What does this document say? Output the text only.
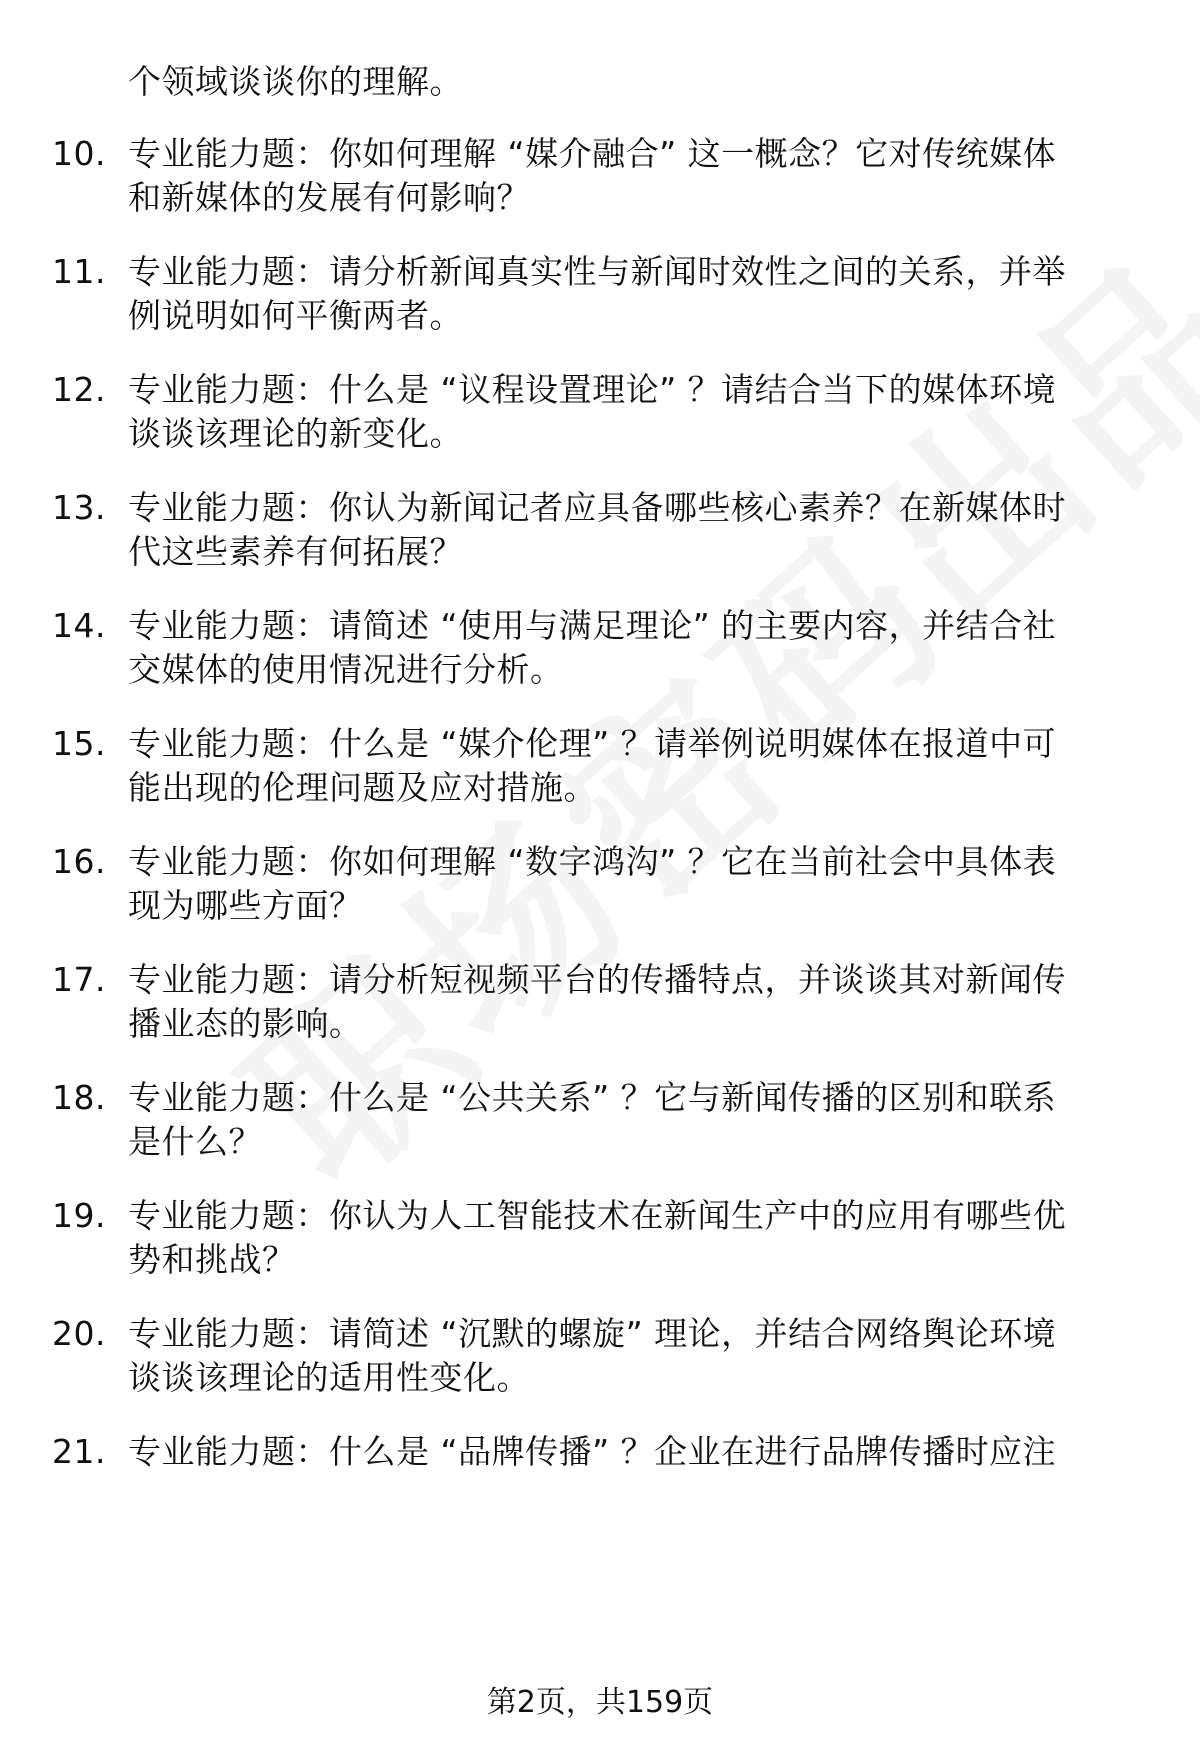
个领域谈谈你的理解。
10. 专业能力题：你如何理解 “媒介融合” 这一概念？它对传统媒体
和新媒体的发展有何影响？
11. 专业能力题：请分析新闻真实性与新闻时效性之间的关系，并举
例说明如何平衡两者。
12. 专业能力题：什么是 “议程设置理论” ？请结合当下的媒体环境
谈谈该理论的新变化。
13. 专业能力题：你认为新闻记者应具备哪些核心素养？在新媒体时
代这些素养有何拓展？
14. 专业能力题：请简述 “使用与满足理论” 的主要内容，并结合社
交媒体的使用情况进行分析。
15. 专业能力题：什么是 “媒介伦理” ？请举例说明媒体在报道中可
能出现的伦理问题及应对措施。
16. 专业能力题：你如何理解 “数字鸿沟” ？它在当前社会中具体表
现为哪些方面？
17. 专业能力题：请分析短视频平台的传播特点，并谈谈其对新闻传
播业态的影响。
18. 专业能力题：什么是 “公共关系” ？它与新闻传播的区别和联系
是什么？
19. 专业能力题：你认为人工智能技术在新闻生产中的应用有哪些优
势和挑战？
20. 专业能力题：请简述 “沉默的螺旋” 理论，并结合网络舆论环境
谈谈该理论的适用性变化。
21. 专业能力题：什么是 “品牌传播” ？企业在进行品牌传播时应注
第2页，共159页
